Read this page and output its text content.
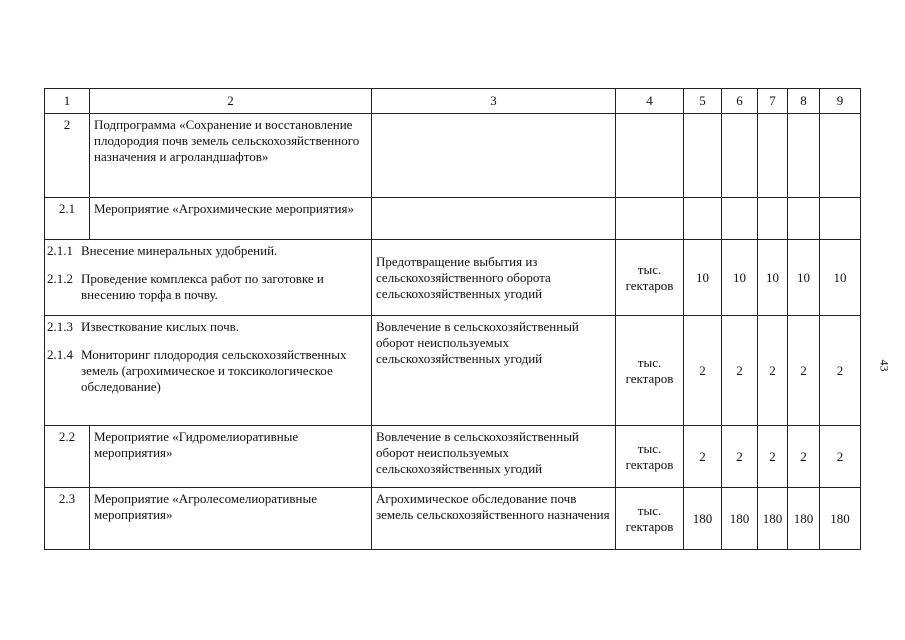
1	2	3	4	5	6	7	8	9
2	Подпрограмма «Сохранение и восстановление плодородия почв земель сельскохозяйственного назначения и агроландшафтов»							
2.1	Мероприятие «Агрохимические мероприятия»							

2.1.1 Внесение минеральных удобрений.
2.1.2 Проведение комплекса работ по заготовке и внесению торфа в почву.		Предотвращение выбытия из сельскохозяйственного оборота сельскохозяйственных угодий	тыс. гектаров	10	10	10	10	10

2.1.3 Известкование кислых почв.
2.1.4 Мониторинг плодородия сельскохозяйственных земель (агрохимическое и токсикологическое обследование)		Вовлечение в сельскохозяйственный оборот неиспользуемых сельскохозяйственных угодий	тыс. гектаров	2	2	2	2	2
2.2	Мероприятие «Гидромелиоративные мероприятия»	Вовлечение в сельскохозяйственный оборот неиспользуемых сельскохозяйственных угодий	тыс. гектаров	2	2	2	2	2
2.3	Мероприятие «Агролесомелиоративные мероприятия»	Агрохимическое обследование почв земель сельскохозяйственного назначения	тыс. гектаров	180	180	180	180	180
43
